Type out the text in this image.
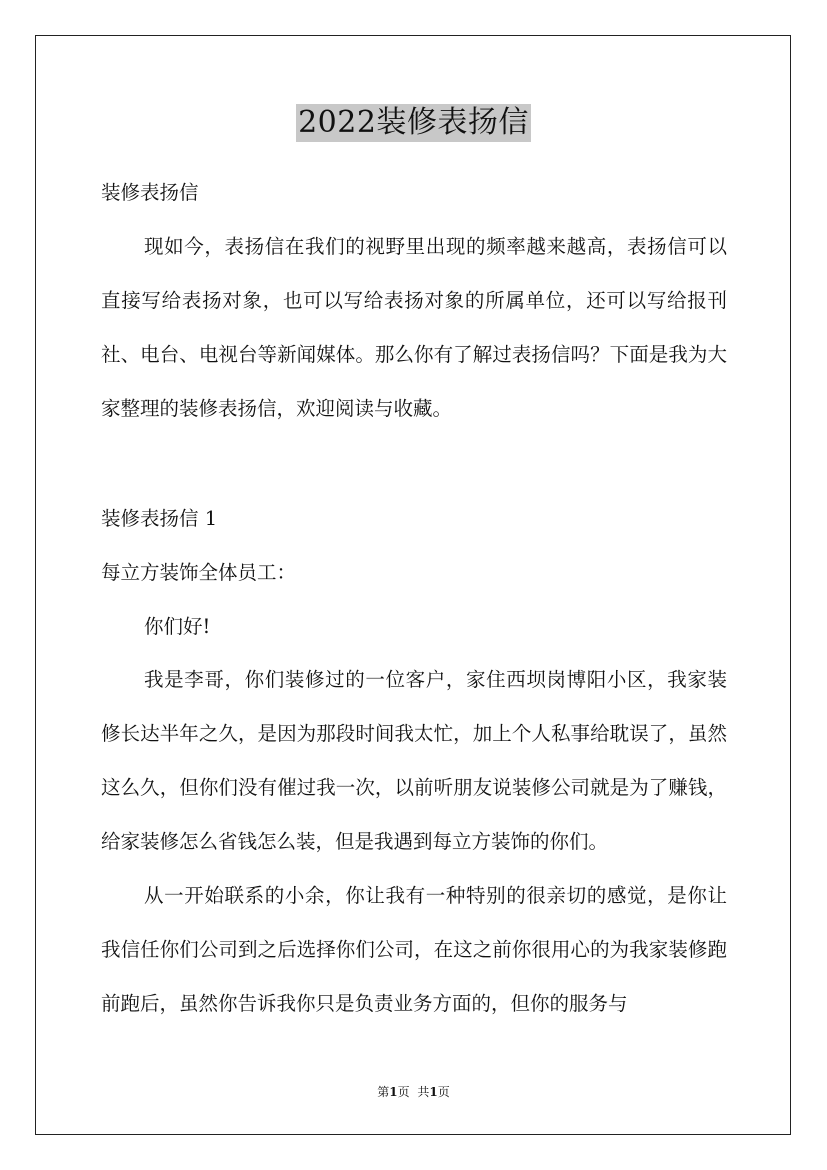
2022装修表扬信
装修表扬信

现如今，表扬信在我们的视野里出现的频率越来越高，表扬信可以直接写给表扬对象，也可以写给表扬对象的所属单位，还可以写给报刊社、电台、电视台等新闻媒体。那么你有了解过表扬信吗？下面是我为大家整理的装修表扬信，欢迎阅读与收藏。

装修表扬信 1
每立方装饰全体员工：
你们好!

我是李哥，你们装修过的一位客户，家住西坝岗博阳小区，我家装修长达半年之久，是因为那段时间我太忙，加上个人私事给耽误了，虽然这么久，但你们没有催过我一次，以前听朋友说装修公司就是为了赚钱，给家装修怎么省钱怎么装，但是我遇到每立方装饰的你们。

从一开始联系的小余，你让我有一种特别的很亲切的感觉，是你让我信任你们公司到之后选择你们公司，在这之前你很用心的为我家装修跑前跑后，虽然你告诉我你只是负责业务方面的，但你的服务与

第1页 共1页
